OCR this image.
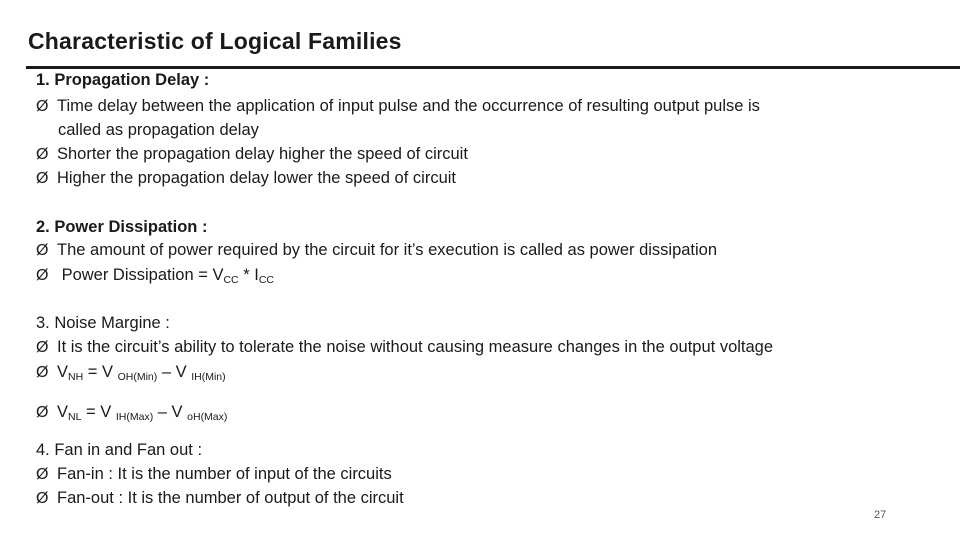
Characteristic of Logical Families
1. Propagation Delay :
Ø Time delay between the application of input pulse and the occurrence of resulting output pulse is
called as propagation delay
Ø Shorter the propagation delay higher the speed of circuit
Ø Higher the propagation delay lower the speed of circuit
2. Power Dissipation :
Ø The amount of power required by the circuit for it’s execution is called as power dissipation
Ø Power Dissipation = $V_{CC} * I_{CC}$
3. Noise Margine :
Ø It is the circuit’s ability to tolerate the noise without causing measure changes in the output voltage
Ø $V_{NH} = V$ $_{OH(Min)}$ – V $_{IH(Min)}$
Ø $V_{NL} = V$ $_{IH(Max)}$ – V $_{oH(Max)}$
4. Fan in and Fan out :
Ø Fan-in : It is the number of input of the circuits
Ø Fan-out : It is the number of output of the circuit
27
